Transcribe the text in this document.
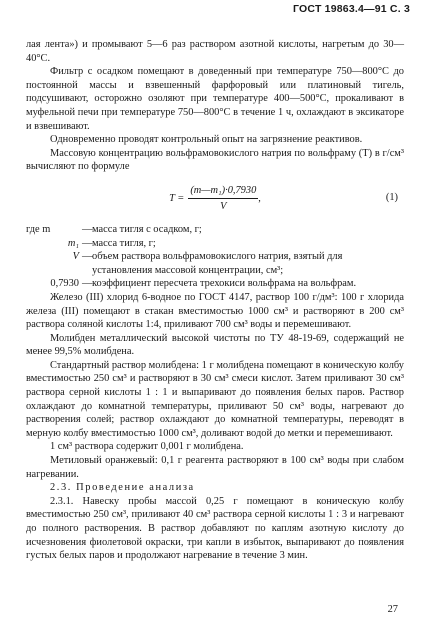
ГОСТ 19863.4—91 С. 3

лая лента») и промывают 5—6 раз раствором азотной кислоты, нагретым до 30—40°С.

Фильтр с осадком помещают в доведенный при температуре 750—800°С до постоянной массы и взвешенный фарфоровый или платиновый тигель, подсушивают, осторожно озоляют при температуре 400—500°С, прокаливают в муфельной печи при температуре 750—800°С в течение 1 ч, охлаждают в эксикаторе и взвешивают.

Одновременно проводят контрольный опыт на загрязнение реактивов.

Массовую концентрацию вольфрамовокислого натрия по вольфраму (T) в г/см³ вычисляют по формуле

$T = \frac{\text{(m—m₁)·0,7930}}{V}$ ,	(1)
где m	— масса тигля с осадком, г;
m₁ — масса тигля, г;
V — объем раствора вольфрамовокислого натрия, взятый для установления массовой концентрации, см³;
0,7930 — коэффициент пересчета трехокиси вольфрама на вольфрам.

Железо (III) хлорид 6-водное по ГОСТ 4147, раствор 100 г/дм³: 100 г хлорида железа (III) помещают в стакан вместимостью 1000 см³ и растворяют в 200 см³ раствора соляной кислоты 1:4, приливают 700 см³ воды и перемешивают.

Молибден металлический высокой чистоты по ТУ 48-19-69, содержащий не менее 99,5% молибдена.

Стандартный раствор молибдена: 1 г молибдена помещают в коническую колбу вместимостью 250 см³ и растворяют в 30 см³ смеси кислот. Затем приливают 30 см³ раствора серной кислоты 1 : 1 и выпаривают до появления белых паров. Раствор охлаждают до комнатной температуры, приливают 50 см³ воды, нагревают до растворения солей; раствор охлаждают до комнатной температуры, переводят в мерную колбу вместимостью 1000 см³, доливают водой до метки и перемешивают.

1 см³ раствора содержит 0,001 г молибдена.

Метиловый оранжевый: 0,1 г реагента растворяют в 100 см³ воды при слабом нагревании.

2.3. Проведение анализа

2.3.1. Навеску пробы массой 0,25 г помещают в коническую колбу вместимостью 250 см³, приливают 40 см³ раствора серной кислоты 1 : 3 и нагревают до полного растворения. В раствор добавляют по каплям азотную кислоту до исчезновения фиолетовой окраски, три капли в избыток, выпаривают до появления густых белых паров и продолжают нагревание в течение 3 мин.

27
